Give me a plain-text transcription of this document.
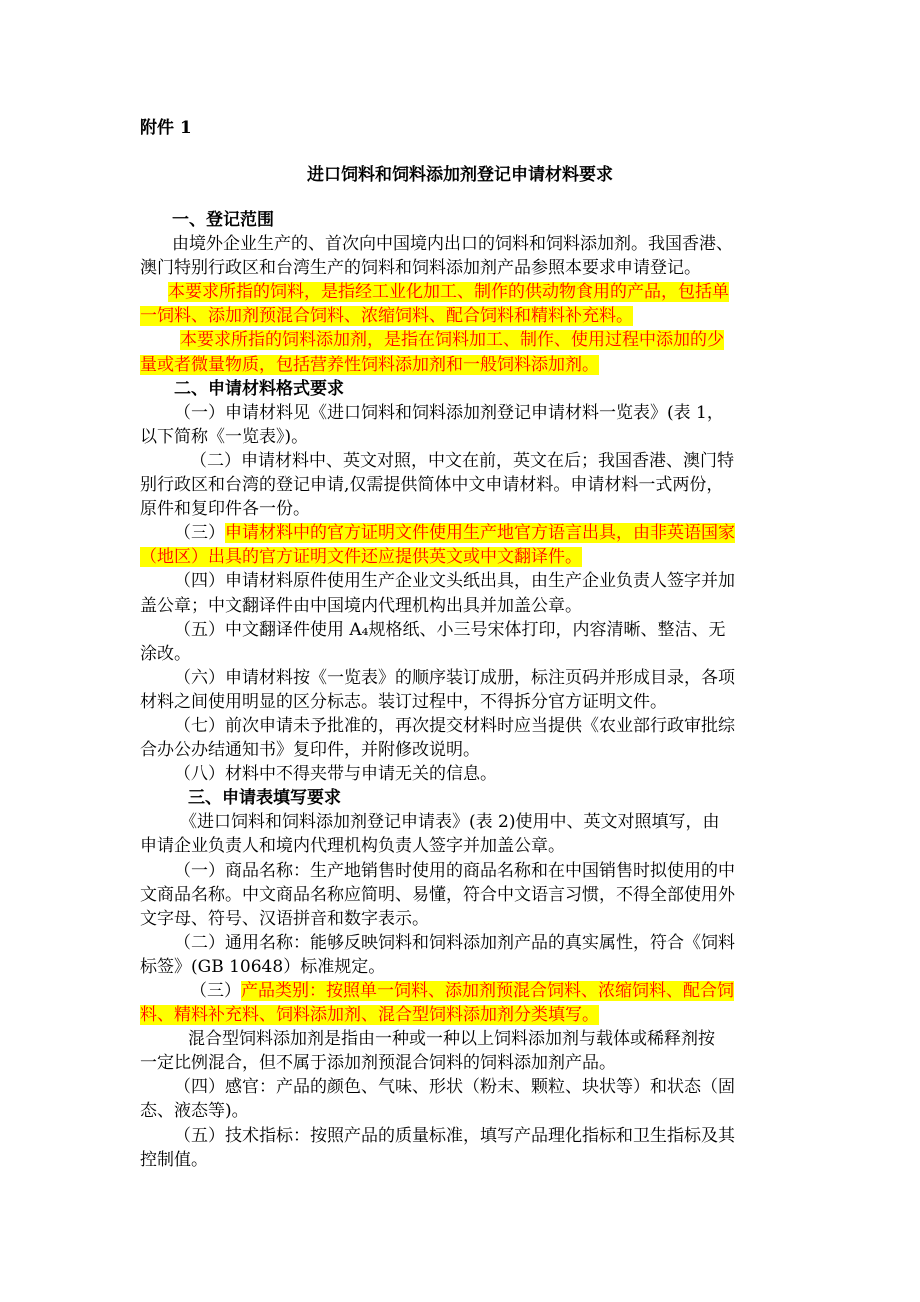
附件 1
进口饲料和饲料添加剂登记申请材料要求
一、登记范围
由境外企业生产的、首次向中国境内出口的饲料和饲料添加剂。我国香港、
澳门特别行政区和台湾生产的饲料和饲料添加剂产品参照本要求申请登记。
本要求所指的饲料，是指经工业化加工、制作的供动物食用的产品，包括单
一饲料、添加剂预混合饲料、浓缩饲料、配合饲料和精料补充料。
本要求所指的饲料添加剂，是指在饲料加工、制作、使用过程中添加的少
量或者微量物质，包括营养性饲料添加剂和一般饲料添加剂。
二、申请材料格式要求
（一）申请材料见《进口饲料和饲料添加剂登记申请材料一览表》(表 1，
以下简称《一览表》)。
（二）申请材料中、英文对照，中文在前，英文在后；我国香港、澳门特
别行政区和台湾的登记申请,仅需提供简体中文申请材料。申请材料一式两份，
原件和复印件各一份。
（三）申请材料中的官方证明文件使用生产地官方语言出具，由非英语国家
（地区）出具的官方证明文件还应提供英文或中文翻译件。
（四）申请材料原件使用生产企业文头纸出具，由生产企业负责人签字并加
盖公章；中文翻译件由中国境内代理机构出具并加盖公章。
（五）中文翻译件使用 A₄规格纸、小三号宋体打印，内容清晰、整洁、无
涂改。
（六）申请材料按《一览表》的顺序装订成册，标注页码并形成目录，各项
材料之间使用明显的区分标志。装订过程中，不得拆分官方证明文件。
（七）前次申请未予批准的，再次提交材料时应当提供《农业部行政审批综
合办公办结通知书》复印件，并附修改说明。
（八）材料中不得夹带与申请无关的信息。
三、申请表填写要求
《进口饲料和饲料添加剂登记申请表》(表 2)使用中、英文对照填写，由
申请企业负责人和境内代理机构负责人签字并加盖公章。
（一）商品名称：生产地销售时使用的商品名称和在中国销售时拟使用的中
文商品名称。中文商品名称应简明、易懂，符合中文语言习惯，不得全部使用外
文字母、符号、汉语拼音和数字表示。
（二）通用名称：能够反映饲料和饲料添加剂产品的真实属性，符合《饲料
标签》(GB 10648）标准规定。
（三）产品类别：按照单一饲料、添加剂预混合饲料、浓缩饲料、配合饲
料、精料补充料、饲料添加剂、混合型饲料添加剂分类填写。
混合型饲料添加剂是指由一种或一种以上饲料添加剂与载体或稀释剂按
一定比例混合，但不属于添加剂预混合饲料的饲料添加剂产品。
（四）感官：产品的颜色、气味、形状（粉末、颗粒、块状等）和状态（固
态、液态等)。
（五）技术指标：按照产品的质量标准，填写产品理化指标和卫生指标及其
控制值。
